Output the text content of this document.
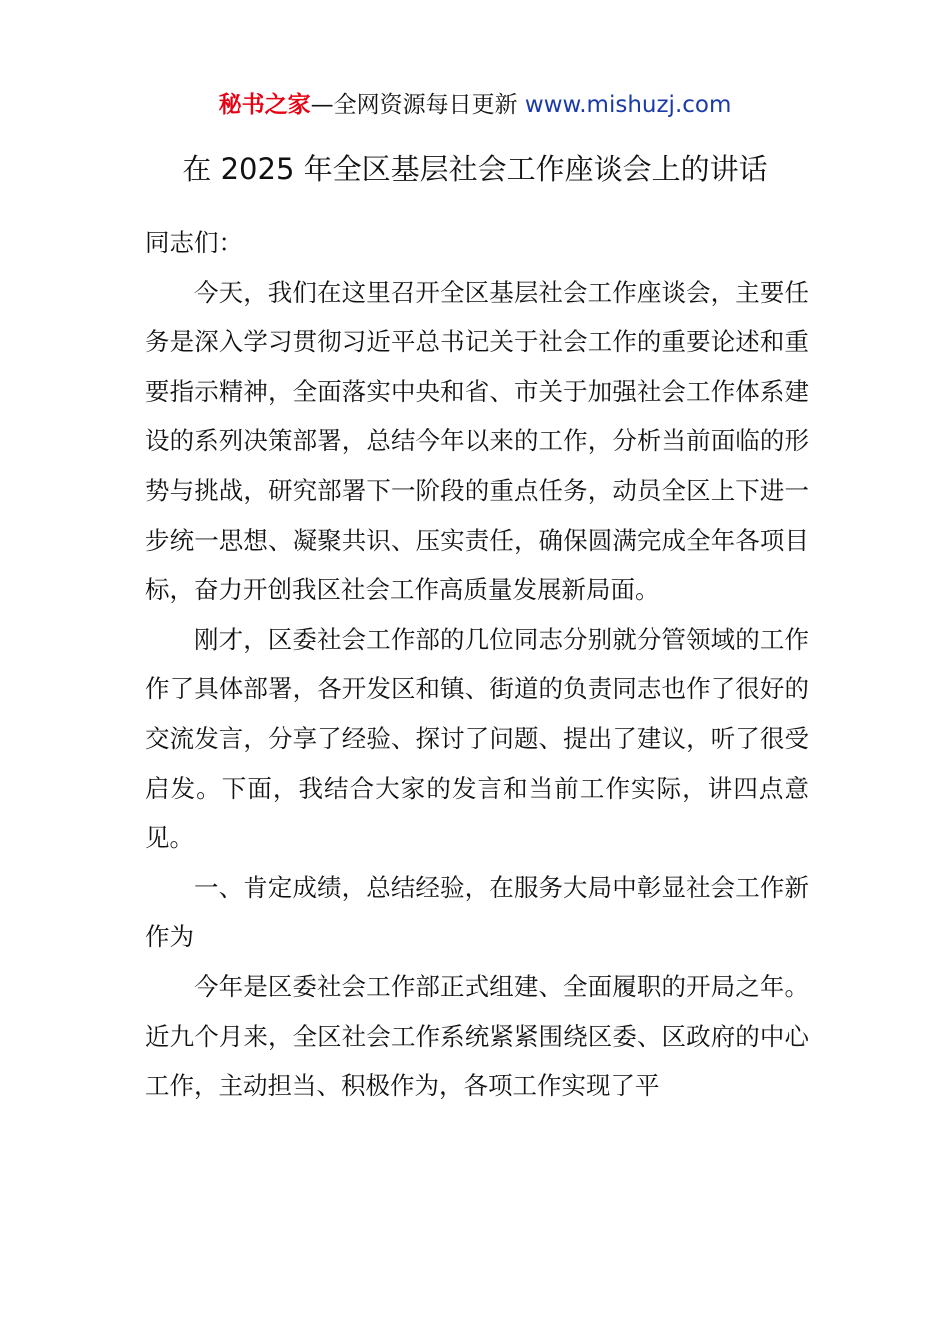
秘书之家—全网资源每日更新 www.mishuzj.com
在 2025 年全区基层社会工作座谈会上的讲话

同志们：

今天，我们在这里召开全区基层社会工作座谈会，主要任务是深入学习贯彻习近平总书记关于社会工作的重要论述和重要指示精神，全面落实中央和省、市关于加强社会工作体系建设的系列决策部署，总结今年以来的工作，分析当前面临的形势与挑战，研究部署下一阶段的重点任务，动员全区上下进一步统一思想、凝聚共识、压实责任，确保圆满完成全年各项目标，奋力开创我区社会工作高质量发展新局面。

刚才，区委社会工作部的几位同志分别就分管领域的工作作了具体部署，各开发区和镇、街道的负责同志也作了很好的交流发言，分享了经验、探讨了问题、提出了建议，听了很受启发。下面，我结合大家的发言和当前工作实际，讲四点意见。

一、肯定成绩，总结经验，在服务大局中彰显社会工作新作为

今年是区委社会工作部正式组建、全面履职的开局之年。近九个月来，全区社会工作系统紧紧围绕区委、区政府的中心工作，主动担当、积极作为，各项工作实现了平
